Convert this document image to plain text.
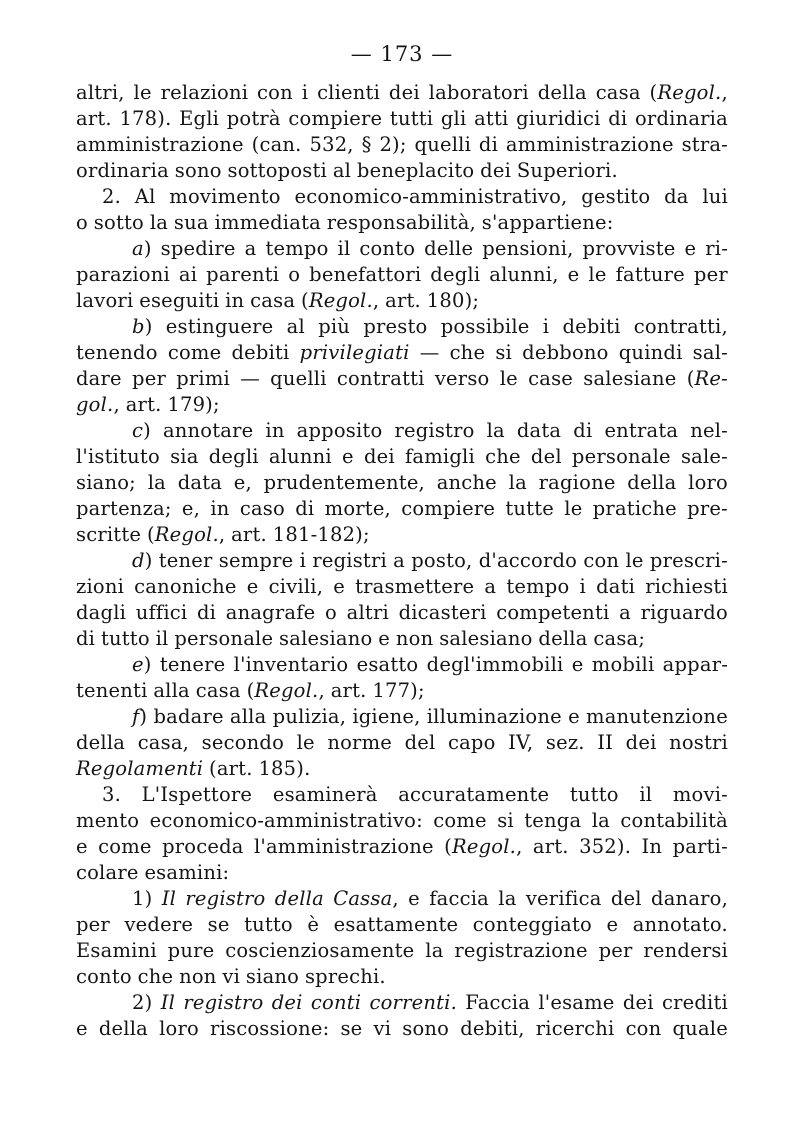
— 173 —
altri, le relazioni con i clienti dei laboratori della casa (Regol.,
art. 178). Egli potrà compiere tutti gli atti giuridici di ordinaria
amministrazione (can. 532, § 2); quelli di amministrazione stra-
ordinaria sono sottoposti al beneplacito dei Superiori.
2. Al movimento economico-amministrativo, gestito da lui
o sotto la sua immediata responsabilità, s'appartiene:
a) spedire a tempo il conto delle pensioni, provviste e ri-
parazioni ai parenti o benefattori degli alunni, e le fatture per
lavori eseguiti in casa (Regol., art. 180);
b) estinguere al più presto possibile i debiti contratti,
tenendo come debiti privilegiati — che si debbono quindi sal-
dare per primi — quelli contratti verso le case salesiane (Re-
gol., art. 179);
c) annotare in apposito registro la data di entrata nel-
l'istituto sia degli alunni e dei famigli che del personale sale-
siano; la data e, prudentemente, anche la ragione della loro
partenza; e, in caso di morte, compiere tutte le pratiche pre-
scritte (Regol., art. 181-182);
d) tener sempre i registri a posto, d'accordo con le prescri-
zioni canoniche e civili, e trasmettere a tempo i dati richiesti
dagli uffici di anagrafe o altri dicasteri competenti a riguardo
di tutto il personale salesiano e non salesiano della casa;
e) tenere l'inventario esatto degl'immobili e mobili appar-
tenenti alla casa (Regol., art. 177);
f) badare alla pulizia, igiene, illuminazione e manutenzione
della casa, secondo le norme del capo IV, sez. II dei nostri
Regolamenti (art. 185).
3. L'Ispettore esaminerà accuratamente tutto il movi-
mento economico-amministrativo: come si tenga la contabilità
e come proceda l'amministrazione (Regol., art. 352). In parti-
colare esamini:
1) Il registro della Cassa, e faccia la verifica del danaro,
per vedere se tutto è esattamente conteggiato e annotato.
Esamini pure coscienziosamente la registrazione per rendersi
conto che non vi siano sprechi.
2) Il registro dei conti correnti. Faccia l'esame dei crediti
e della loro riscossione: se vi sono debiti, ricerchi con quale
